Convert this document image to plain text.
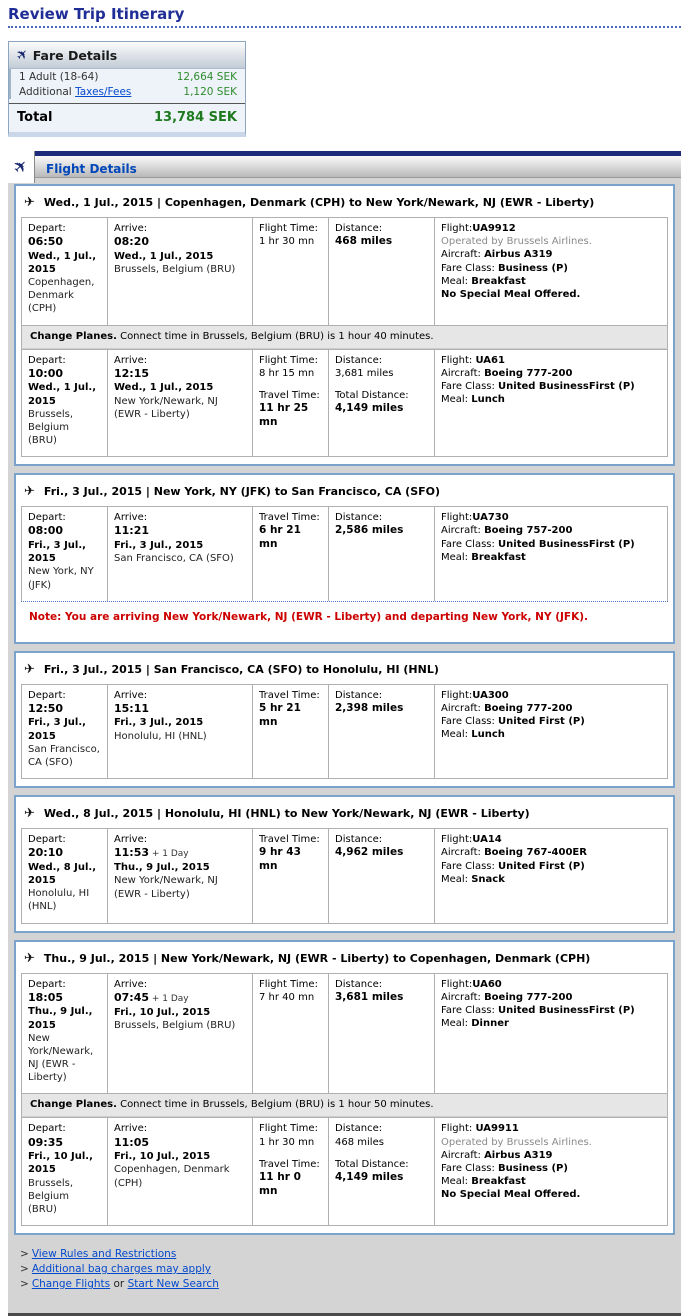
Review Trip Itinerary
✈ Fare Details
1 Adult (18-64)	12,664 SEK
Additional Taxes/Fees	1,120 SEK
Total	13,784 SEK
✈ Flight Details
✈ Wed., 1 Jul., 2015 | Copenhagen, Denmark (CPH) to New York/Newark, NJ (EWR - Liberty)
Depart:
06:50
Wed., 1 Jul., 2015
Copenhagen, Denmark (CPH)
Arrive:
08:20
Wed., 1 Jul., 2015
Brussels, Belgium (BRU)
Flight Time:
1 hr 30 mn
Distance:
468 miles
Flight:UA9912
Operated by Brussels Airlines.
Aircraft: Airbus A319
Fare Class: Business (P)
Meal: Breakfast
No Special Meal Offered.
Change Planes. Connect time in Brussels, Belgium (BRU) is 1 hour 40 minutes.
Depart:
10:00
Wed., 1 Jul., 2015
Brussels, Belgium (BRU)
Arrive:
12:15
Wed., 1 Jul., 2015
New York/Newark, NJ (EWR - Liberty)
Flight Time:
8 hr 15 mn
Travel Time:
11 hr 25 mn
Distance:
3,681 miles
Total Distance:
4,149 miles
Flight: UA61
Aircraft: Boeing 777-200
Fare Class: United BusinessFirst (P)
Meal: Lunch
✈ Fri., 3 Jul., 2015 | New York, NY (JFK) to San Francisco, CA (SFO)
Depart:
08:00
Fri., 3 Jul., 2015
New York, NY (JFK)
Arrive:
11:21
Fri., 3 Jul., 2015
San Francisco, CA (SFO)
Travel Time:
6 hr 21 mn
Distance:
2,586 miles
Flight:UA730
Aircraft: Boeing 757-200
Fare Class: United BusinessFirst (P)
Meal: Breakfast
Note: You are arriving New York/Newark, NJ (EWR - Liberty) and departing New York, NY (JFK).
✈ Fri., 3 Jul., 2015 | San Francisco, CA (SFO) to Honolulu, HI (HNL)
Depart:
12:50
Fri., 3 Jul., 2015
San Francisco, CA (SFO)
Arrive:
15:11
Fri., 3 Jul., 2015
Honolulu, HI (HNL)
Travel Time:
5 hr 21 mn
Distance:
2,398 miles
Flight:UA300
Aircraft: Boeing 777-200
Fare Class: United First (P)
Meal: Lunch
✈ Wed., 8 Jul., 2015 | Honolulu, HI (HNL) to New York/Newark, NJ (EWR - Liberty)
Depart:
20:10
Wed., 8 Jul., 2015
Honolulu, HI (HNL)
Arrive:
11:53 + 1 Day
Thu., 9 Jul., 2015
New York/Newark, NJ (EWR - Liberty)
Travel Time:
9 hr 43 mn
Distance:
4,962 miles
Flight:UA14
Aircraft: Boeing 767-400ER
Fare Class: United First (P)
Meal: Snack
✈ Thu., 9 Jul., 2015 | New York/Newark, NJ (EWR - Liberty) to Copenhagen, Denmark (CPH)
Depart:
18:05
Thu., 9 Jul., 2015
New York/Newark, NJ (EWR - Liberty)
Arrive:
07:45 + 1 Day
Fri., 10 Jul., 2015
Brussels, Belgium (BRU)
Flight Time:
7 hr 40 mn
Distance:
3,681 miles
Flight:UA60
Aircraft: Boeing 777-200
Fare Class: United BusinessFirst (P)
Meal: Dinner
Change Planes. Connect time in Brussels, Belgium (BRU) is 1 hour 50 minutes.
Depart:
09:35
Fri., 10 Jul., 2015
Brussels, Belgium (BRU)
Arrive:
11:05
Fri., 10 Jul., 2015
Copenhagen, Denmark (CPH)
Flight Time:
1 hr 30 mn
Travel Time:
11 hr 0 mn
Distance:
468 miles
Total Distance:
4,149 miles
Flight: UA9911
Operated by Brussels Airlines.
Aircraft: Airbus A319
Fare Class: Business (P)
Meal: Breakfast
No Special Meal Offered.
> View Rules and Restrictions
> Additional bag charges may apply
> Change Flights or Start New Search
